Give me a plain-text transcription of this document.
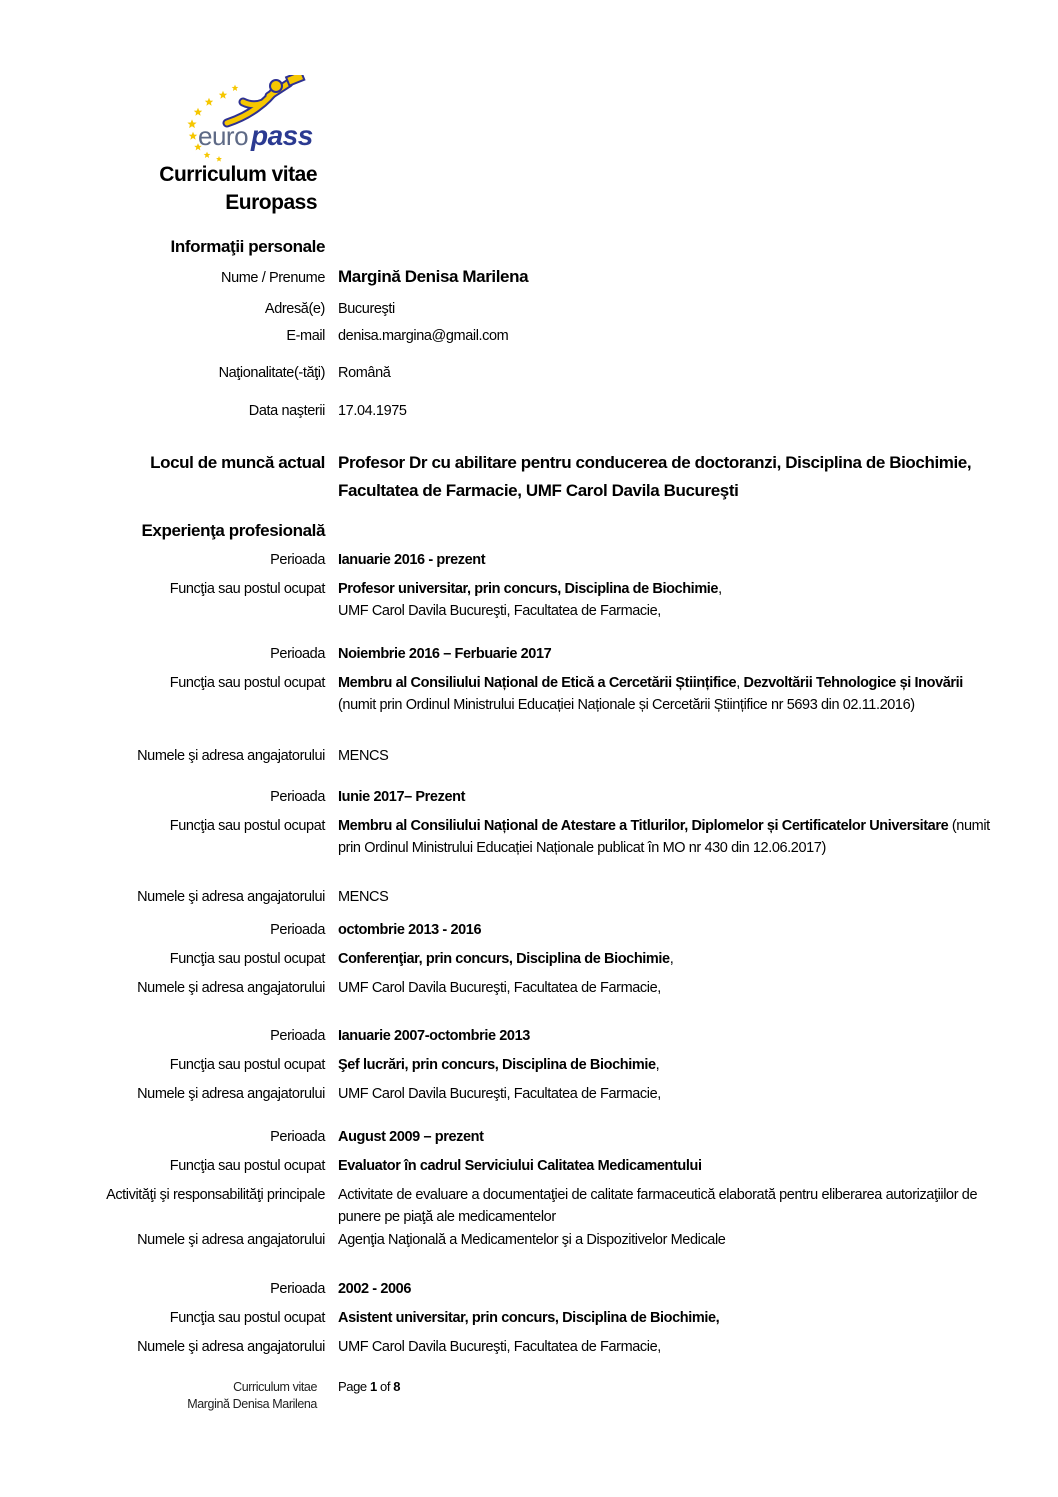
euro pass
Curriculum vitae
Europass
Informaţii personale
Nume / Prenume Margină Denisa Marilena
Adresă(e) Bucureşti
E-mail denisa.margina@gmail.com
Naţionalitate(-tăţi) Română
Data naşterii 17.04.1975
Locul de muncă actual Profesor Dr cu abilitare pentru conducerea de doctoranzi, Disciplina de Biochimie, Facultatea de Farmacie, UMF Carol Davila Bucureşti
Experienţa profesională
Perioada Ianuarie 2016 - prezent
Funcţia sau postul ocupat Profesor universitar, prin concurs, Disciplina de Biochimie,
UMF Carol Davila Bucureşti, Facultatea de Farmacie,
Perioada Noiembrie 2016 – Ferbuarie 2017
Funcţia sau postul ocupat Membru al Consiliului Național de Etică a Cercetării Științifice, Dezvoltării Tehnologice și Inovării (numit prin Ordinul Ministrului Educației Naționale și Cercetării Științifice nr 5693 din 02.11.2016)
Numele şi adresa angajatorului MENCS
Perioada Iunie 2017– Prezent
Funcţia sau postul ocupat Membru al Consiliului Național de Atestare a Titlurilor, Diplomelor și Certificatelor Universitare (numit prin Ordinul Ministrului Educației Naționale publicat în MO nr 430 din 12.06.2017)
Numele şi adresa angajatorului MENCS
Perioada octombrie 2013 - 2016
Funcţia sau postul ocupat Conferenţiar, prin concurs, Disciplina de Biochimie,
Numele şi adresa angajatorului UMF Carol Davila Bucureşti, Facultatea de Farmacie,
Perioada Ianuarie 2007-octombrie 2013
Funcţia sau postul ocupat Şef lucrări, prin concurs, Disciplina de Biochimie,
Numele şi adresa angajatorului UMF Carol Davila Bucureşti, Facultatea de Farmacie,
Perioada August 2009 – prezent
Funcţia sau postul ocupat Evaluator în cadrul Serviciului Calitatea Medicamentului
Activităţi şi responsabilităţi principale Activitate de evaluare a documentaţiei de calitate farmaceutică elaborată pentru eliberarea autorizaţiilor de punere pe piaţă ale medicamentelor
Numele şi adresa angajatorului Agenţia Naţională a Medicamentelor şi a Dispozitivelor Medicale
Perioada 2002 - 2006
Funcţia sau postul ocupat Asistent universitar, prin concurs, Disciplina de Biochimie,
Numele şi adresa angajatorului UMF Carol Davila Bucureşti, Facultatea de Farmacie,
Curriculum vitae
Margină Denisa Marilena
Page 1 of 8
